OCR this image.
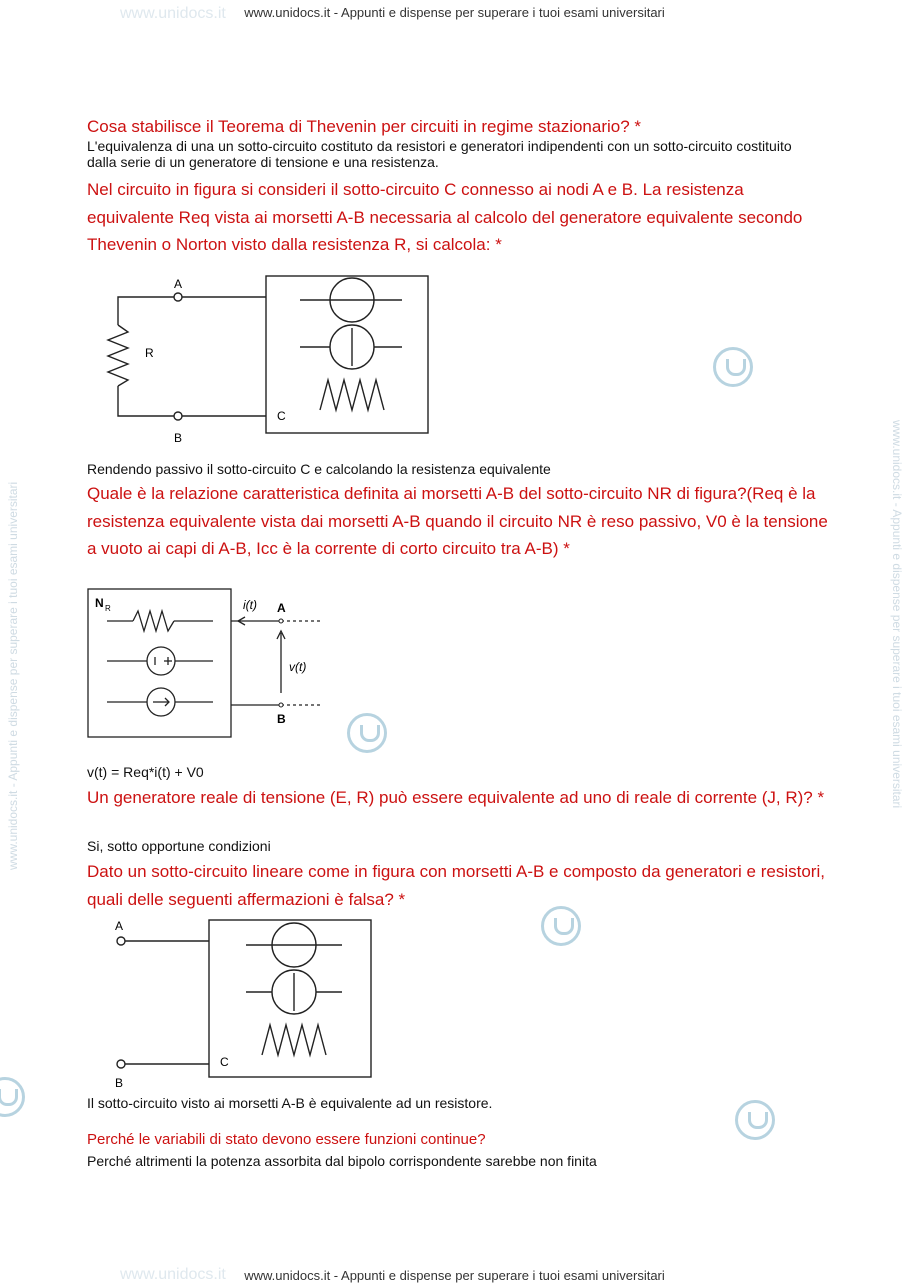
www.unidocs.it
www.unidocs.it
www.unidocs.it - Appunti e dispense per superare i tuoi esami universitari	www.unidocs.it - Appunti e dispense per superare i tuoi esami universitari
www.unidocs.it - Appunti e dispense per superare i tuoi esami universitari
www.unidocs.it - Appunti e dispense per superare i tuoi esami universitari

Cosa stabilisce il Teorema di Thevenin per circuiti in regime stazionario? *

L'equivalenza di una un sotto-circuito costituto da resistori e generatori indipendenti con un sotto-circuito costituito dalla serie di un generatore di tensione e una resistenza.

Nel circuito in figura si consideri il sotto-circuito C connesso ai nodi A e B. La resistenza equivalente Req vista ai morsetti A-B necessaria al calcolo del generatore equivalente secondo Thevenin o Norton visto dalla resistenza R, si calcola: *

A
B
R
C

Rendendo passivo il sotto-circuito C e calcolando la resistenza equivalente

Quale è la relazione caratteristica definita ai morsetti A-B del sotto-circuito NR di figura?(Req è la resistenza equivalente vista dai morsetti A-B quando il circuito NR è reso passivo, V0 è la tensione a vuoto ai capi di A-B, Icc è la corrente di corto circuito tra A-B) *

N R	i(t)
v(t)
A
B

v(t) = Req*i(t) + V0

Un generatore reale di tensione (E, R) può essere equivalente ad uno di reale di corrente (J, R)? *

Si, sotto opportune condizioni

Dato un sotto-circuito lineare come in figura con morsetti A-B e composto da generatori e resistori, quali delle seguenti affermazioni è falsa? *

A
B
C

Il sotto-circuito visto ai morsetti A-B è equivalente ad un resistore.

Perché le variabili di stato devono essere funzioni continue?

Perché altrimenti la potenza assorbita dal bipolo corrispondente sarebbe non finita
